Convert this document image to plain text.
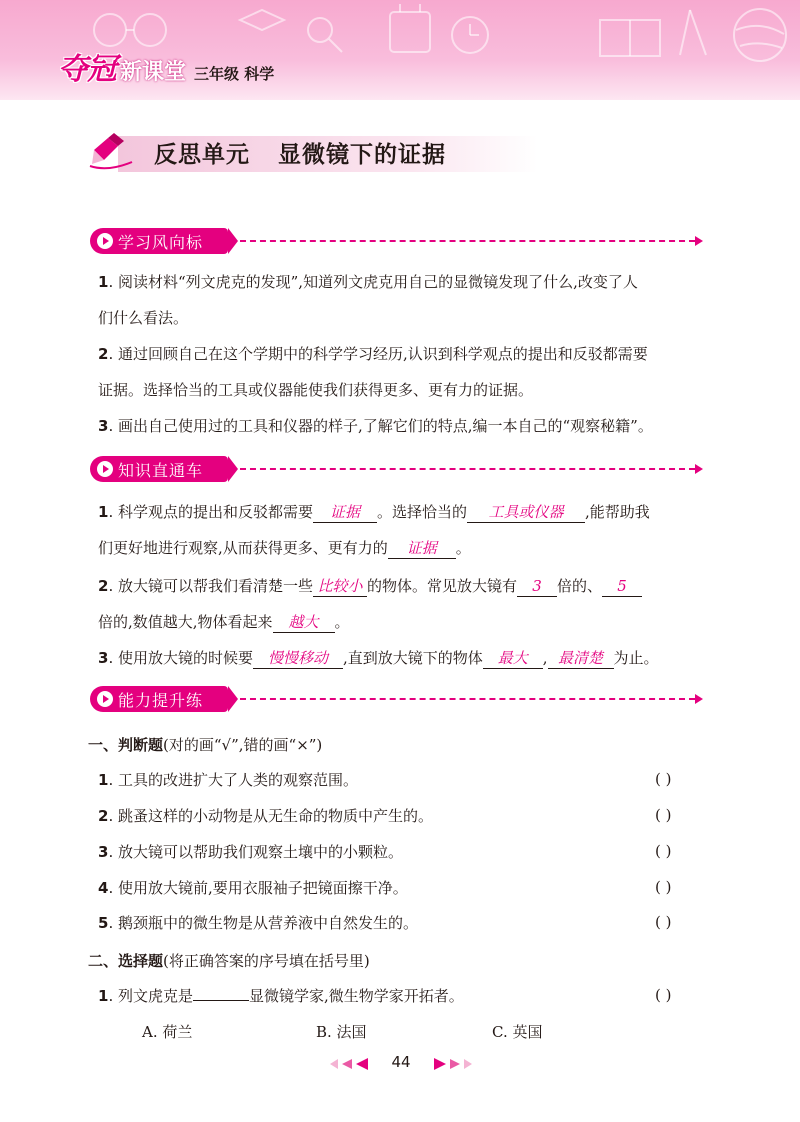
夺冠 新课堂 三年级 科学
反思单元 显微镜下的证据
学习风向标
1. 阅读材料“列文虎克的发现”,知道列文虎克用自己的显微镜发现了什么,改变了人
们什么看法。
2. 通过回顾自己在这个学期中的科学学习经历,认识到科学观点的提出和反驳都需要
证据。选择恰当的工具或仪器能使我们获得更多、更有力的证据。
3. 画出自己使用过的工具和仪器的样子,了解它们的特点,编一本自己的“观察秘籍”。
知识直通车
1. 科学观点的提出和反驳都需要 证据 。选择恰当的 工具或仪器 ,能帮助我
们更好地进行观察,从而获得更多、更有力的 证据 。
2. 放大镜可以帮我们看清楚一些 比较小 的物体。常见放大镜有 3 倍的、 5
倍的,数值越大,物体看起来 越大 。
3. 使用放大镜的时候要 慢慢移动 ,直到放大镜下的物体 最大 , 最清楚 为止。
能力提升练
一、判断题(对的画“√”,错的画“×”)
1. 工具的改进扩大了人类的观察范围。	( )
2. 跳蚤这样的小动物是从无生命的物质中产生的。	( )
3. 放大镜可以帮助我们观察土壤中的小颗粒。	( )
4. 使用放大镜前,要用衣服袖子把镜面擦干净。	( )
5. 鹅颈瓶中的微生物是从营养液中自然发生的。	( )
二、选择题(将正确答案的序号填在括号里)
1. 列文虎克是	显微镜学家,微生物学家开拓者。	( )
A. 荷兰	B. 法国	C. 英国
44
